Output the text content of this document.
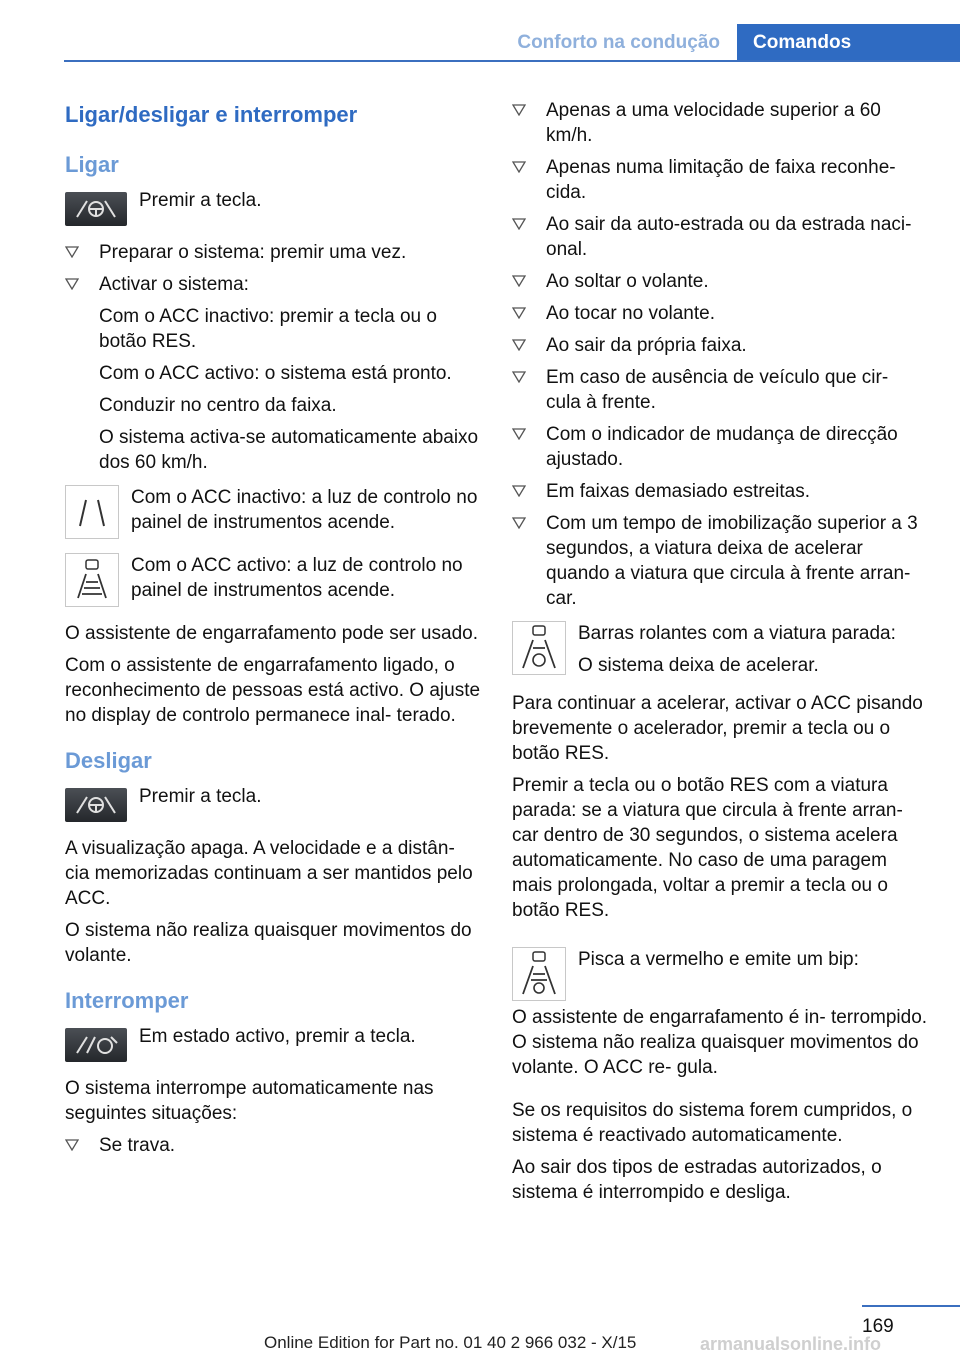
Conforto na condução	Comandos
Ligar/desligar e interromper
Ligar
Premir a tecla.
Preparar o sistema: premir uma vez.
Activar o sistema:
Com o ACC inactivo: premir a tecla ou o botão RES.
Com o ACC activo: o sistema está pronto.
Conduzir no centro da faixa.
O sistema activa-se automaticamente abaixo dos 60 km/h.
Com o ACC inactivo: a luz de controlo no painel de instrumentos acende.
Com o ACC activo: a luz de controlo no painel de instrumentos acende.

O assistente de engarrafamento pode ser usado.

Com o assistente de engarrafamento ligado, o reconhecimento de pessoas está activo. O ajuste no display de controlo permanece inal- terado.

Desligar
Premir a tecla.

A visualização apaga. A velocidade e a distân- cia memorizadas continuam a ser mantidos pelo ACC.

O sistema não realiza quaisquer movimentos do volante.

Interromper
Em estado activo, premir a tecla.

O sistema interrompe automaticamente nas seguintes situações:

Se trava.
Apenas a uma velocidade superior a 60 km/h.
Apenas numa limitação de faixa reconhe- cida.
Ao sair da auto-estrada ou da estrada naci- onal.
Ao soltar o volante.
Ao tocar no volante.
Ao sair da própria faixa.
Em caso de ausência de veículo que cir- cula à frente.
Com o indicador de mudança de direcção ajustado.
Em faixas demasiado estreitas.
Com um tempo de imobilização superior a 3 segundos, a viatura deixa de acelerar quando a viatura que circula à frente arran- car.

Barras rolantes com a viatura parada:

O sistema deixa de acelerar.

Para continuar a acelerar, activar o ACC pisando brevemente o acelerador, premir a tecla ou o botão RES.

Premir a tecla ou o botão RES com a viatura parada: se a viatura que circula à frente arran- car dentro de 30 segundos, o sistema acelera automaticamente. No caso de uma paragem mais prolongada, voltar a premir a tecla ou o botão RES.

Pisca a vermelho e emite um bip:

O assistente de engarrafamento é in- terrompido. O sistema não realiza quaisquer movimentos do volante. O ACC re- gula.

Se os requisitos do sistema forem cumpridos, o sistema é reactivado automaticamente.

Ao sair dos tipos de estradas autorizados, o sistema é interrompido e desliga.

169
Online Edition for Part no. 01 40 2 966 032 - X/15	armanualsonline.info
